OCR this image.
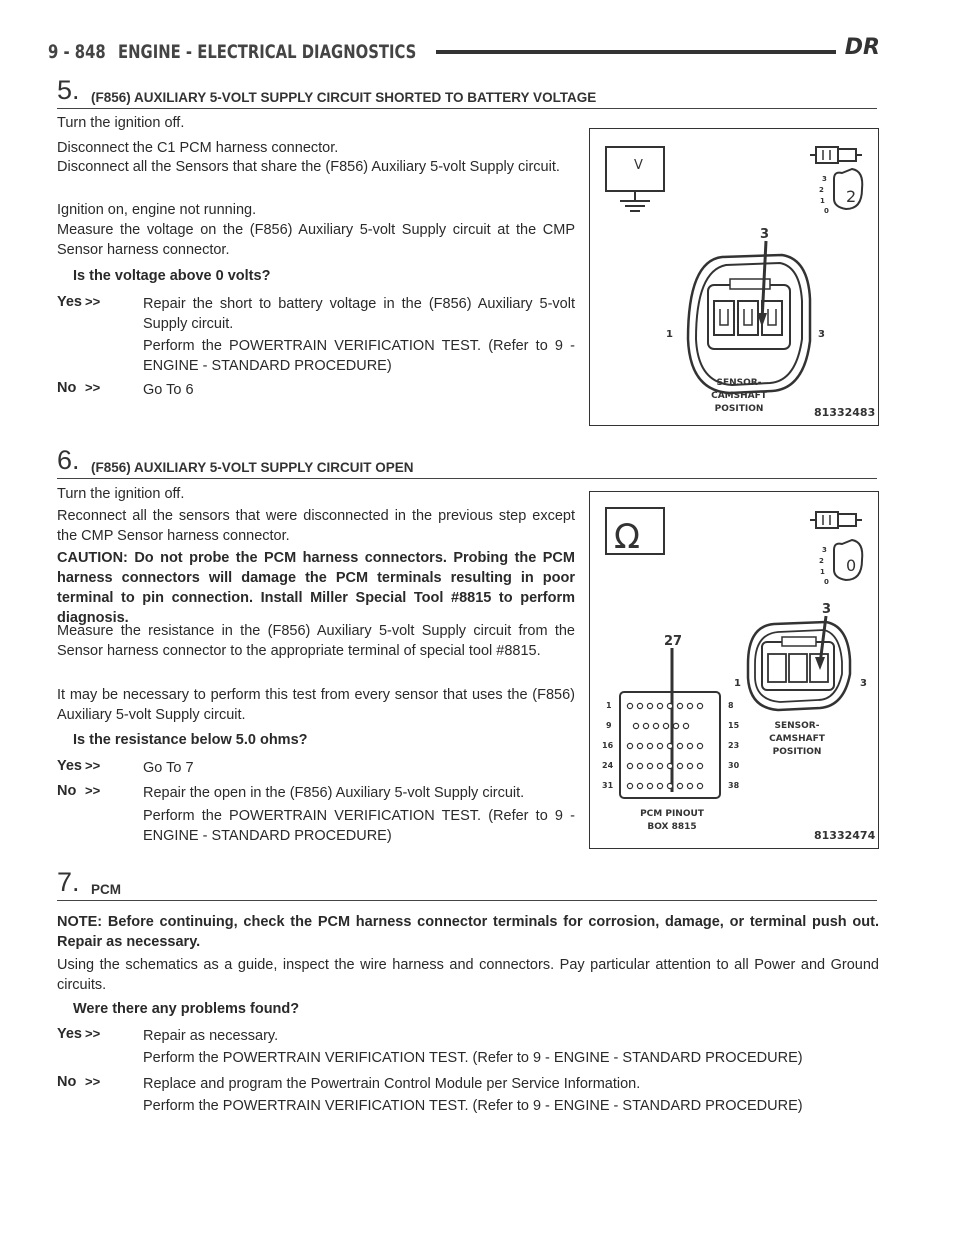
9 - 848 ENGINE - ELECTRICAL DIAGNOSTICS	DR
5. (F856) AUXILIARY 5-VOLT SUPPLY CIRCUIT SHORTED TO BATTERY VOLTAGE

Turn the ignition off.

Disconnect the C1 PCM harness connector.

Disconnect all the Sensors that share the (F856) Auxiliary 5-volt Supply circuit.

Ignition on, engine not running.

Measure the voltage on the (F856) Auxiliary 5-volt Supply circuit at the CMP Sensor harness connector.

Is the voltage above 0 volts?

Yes >>	Repair the short to battery voltage in the (F856) Auxiliary 5-volt Supply circuit.

Perform the POWERTRAIN VERIFICATION TEST. (Refer to 9 - ENGINE - STANDARD PROCEDURE)

No >>	Go To 6

V
3
2
1
0
2
3
1	3
SENSOR-
CAMSHAFT
POSITION	81332483
6. (F856) AUXILIARY 5-VOLT SUPPLY CIRCUIT OPEN

Turn the ignition off.

Reconnect all the sensors that were disconnected in the previous step except the CMP Sensor harness connector.

CAUTION: Do not probe the PCM harness connectors. Probing the PCM harness connectors will damage the PCM terminals resulting in poor terminal to pin connection. Install Miller Special Tool #8815 to perform diagnosis.

Measure the resistance in the (F856) Auxiliary 5-volt Supply circuit from the Sensor harness connector to the appropriate terminal of special tool #8815.

It may be necessary to perform this test from every sensor that uses the (F856) Auxiliary 5-volt Supply circuit.

Is the resistance below 5.0 ohms?

Yes >>	Go To 7

No >>	Repair the open in the (F856) Auxiliary 5-volt Supply circuit.

Perform the POWERTRAIN VERIFICATION TEST. (Refer to 9 - ENGINE - STANDARD PROCEDURE)

Ω	3
2
1
0
0
3
1	3
27
SENSOR-
CAMSHAFT
POSITION
1
9
16
24
31
8
15
23
30
38
PCM PINOUT
BOX 8815
81332474
7. PCM

NOTE: Before continuing, check the PCM harness connector terminals for corrosion, damage, or terminal push out. Repair as necessary.

Using the schematics as a guide, inspect the wire harness and connectors. Pay particular attention to all Power and Ground circuits.

Were there any problems found?

Yes >>	Repair as necessary.

Perform the POWERTRAIN VERIFICATION TEST. (Refer to 9 - ENGINE - STANDARD PROCEDURE)

No >>	Replace and program the Powertrain Control Module per Service Information.

Perform the POWERTRAIN VERIFICATION TEST. (Refer to 9 - ENGINE - STANDARD PROCEDURE)
